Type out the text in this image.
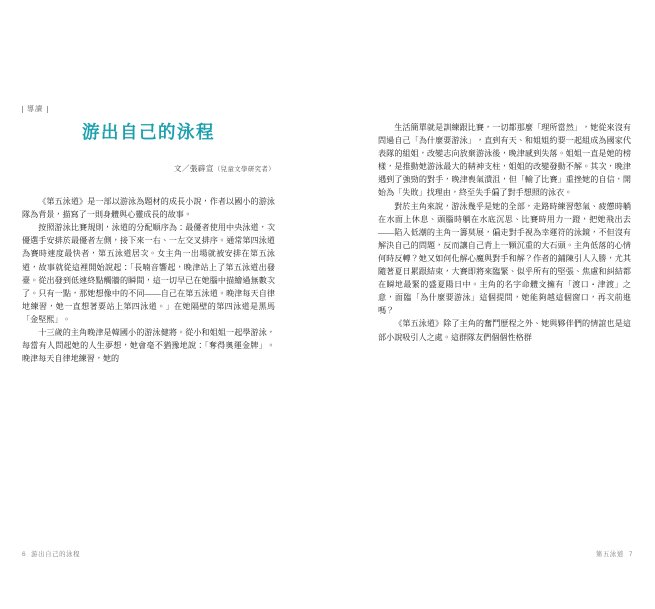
導讀
游出自己的泳程
文／張辟宣（兒童文學研究者）

《第五泳道》是一部以游泳為題材的成長小說，作者以國小的游泳隊為背景，描寫了一則身體與心靈成長的故事。

按照游泳比賽規則，泳道的分配順序為：最優者使用中央泳道，次優選手安排於最優者左側，接下來一右、一左交叉排序。通常第四泳道為賽時速度最快者，第五泳道居次。女主角一出場就被安排在第五泳道，故事就從這裡開始說起：「長喃音響起，晚津站上了第五泳道出發臺。從出發到低速終點觸牆的瞬間，這一切早已在她腦中描繪過無數次了。只有一點，那她想像中的不同——自己在第五泳道。晚津每天自律地練習，她一直想著要站上第四泳道。」在她隔壁的第四泳道是黑馬「金堅熙」。

十三歲的主角晚津是韓國小的游泳健將。從小和姐姐一起學游泳，每當有人問起她的人生夢想，她會毫不猶豫地說：「奪得奧運金牌」。晚津每天自律地練習，她的

生活簡單就是訓練跟比賽，一切都那麼「理所當然」，她從來沒有問過自己「為什麼要游泳」，直到有天、和姐姐約要一起組成為國家代表隊的組姐，改變志向放棄游泳後，晚津感到失落。姐姐一直是她的榜樣，是推動她游泳最大的精神支柱，姐姐的改變發動不解。其次，晚津遇到了強勁的對手，晚津喪氣潰沮，但「輸了比賽」重挫她的自信，開始為「失敗」找理由，終至失手偏了對手想照的泳衣。

對於主角來說，游泳幾乎是她的全部，走路時練習憋氣、疲憊時躺在水面上休息、頭腦時躺在水底沉思、比賽時用力一蹬，把她飛出去——陷入低潮的主角一籌莫展，偏走對手視為幸運符的泳鏡，不但沒有解決自己的問題，反而讓自己背上一顆沉重的大石頭。主角低落的心情何時反轉？她又如何化解心魔與對手和解？作者的鋪陳引人入勝，尤其隨著夏日累跟結束，大賽即將來臨緊、似乎所有的堅張、焦慮和糾結都在瞬地最緊的盛夏陽日中。主角的名字命體文擁有「渡口・津渡」之意，面臨「為什麼要游泳」這個提問，她能夠越這個窗口，再次前進嗎？

《第五泳道》除了主角的奮鬥歷程之外、她與夥伴們的情誼也是這部小說吸引人之處。這群隊友們個個性格群

6 游出自己的泳程	第五泳道 7
